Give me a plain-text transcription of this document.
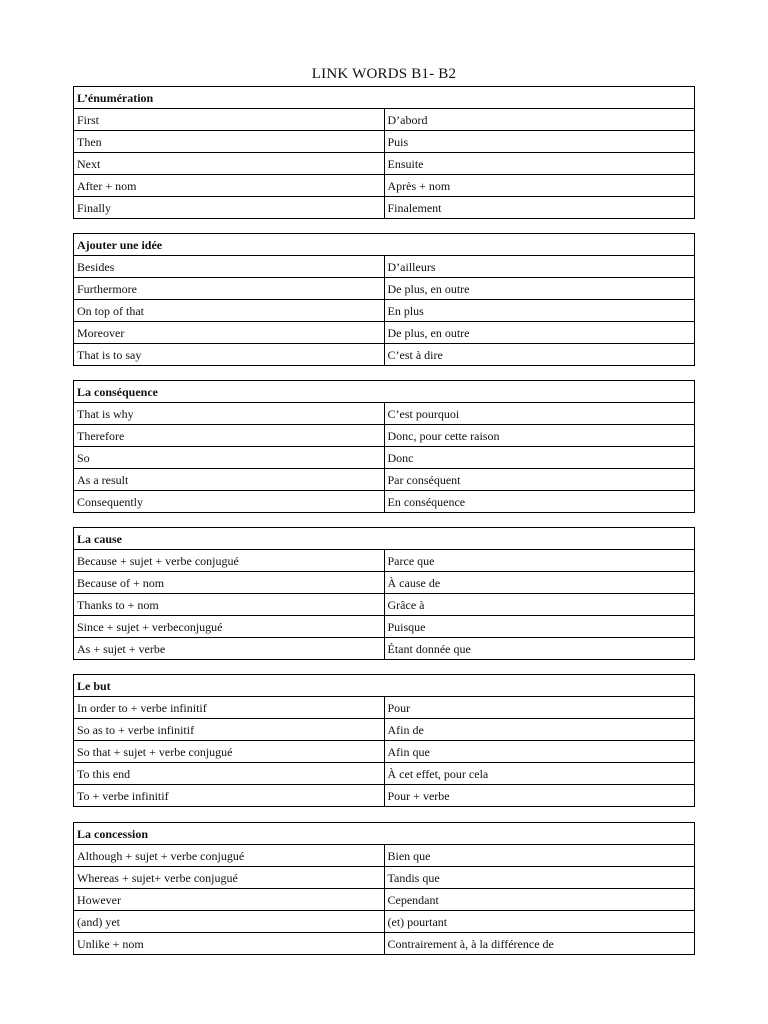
LINK WORDS B1- B2
L’énumération	
First	D’abord
Then	Puis
Next	Ensuite
After + nom	Après + nom
Finally	Finalement
Ajouter une idée	
Besides	D’ailleurs
Furthermore	De plus, en outre
On top of that	En plus
Moreover	De plus, en outre
That is to say	C’est à dire
La conséquence	
That is why	C’est pourquoi
Therefore	Donc, pour cette raison
So	Donc
As a result	Par conséquent
Consequently	En conséquence
La cause	
Because + sujet + verbe conjugué	Parce que
Because of + nom	À cause de
Thanks to + nom	Grâce à
Since + sujet + verbeconjugué	Puisque
As + sujet + verbe	Étant donnée que
Le but	
In order to + verbe infinitif	Pour
So as to + verbe infinitif	Afin de
So that + sujet + verbe conjugué	Afin que
To this end	À cet effet, pour cela
To + verbe infinitif	Pour + verbe
La concession	
Although + sujet + verbe conjugué	Bien que
Whereas + sujet+ verbe conjugué	Tandis que
However	Cependant
(and) yet	(et) pourtant
Unlike + nom	Contrairement à, à la différence de
